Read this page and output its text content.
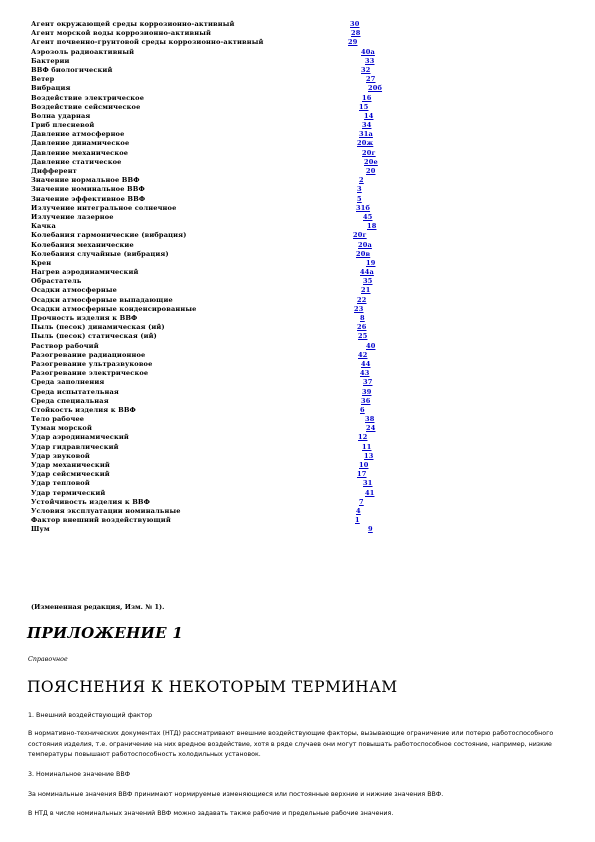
Агент окружающей среды коррозионно-активный	30
Агент морской воды коррозионно-активный	28
Агент почвенно-грунтовой среды коррозионно-активный	29
Аэрозоль радиоактивный	40а
Бактерии	33
ВВФ биологический	32
Ветер	27
Вибрация	20б
Воздействие электрическое	16
Воздействие сейсмическое	15
Волна ударная	14
Гриб плесневой	34
Давление атмосферное	31а
Давление динамическое	20ж
Давление механическое	20г
Давление статическое	20е
Дифферент	20
Значение нормальное ВВФ	2
Значение номинальное ВВФ	3
Значение эффективное ВВФ	5
Излучение интегральное солнечное	31б
Излучение лазерное	45
Качка	18
Колебания гармонические (вибрация)	20г
Колебания механические	20а
Колебания случайные (вибрация)	20в
Крен	19
Нагрев аэродинамический	44а
Обрастатель	35
Осадки атмосферные	21
Осадки атмосферные выпадающие	22
Осадки атмосферные конденсированные	23
Прочность изделия к ВВФ	8
Пыль (песок) динамическая (ий)	26
Пыль (песок) статическая (ий)	25
Раствор рабочий	40
Разогревание радиационное	42
Разогревание ультразвуковое	44
Разогревание электрическое	43
Среда заполнения	37
Среда испытательная	39
Среда специальная	36
Стойкость изделия к ВВФ	6
Тело рабочее	38
Туман морской	24
Удар аэродинамический	12
Удар гидравлический	11
Удар звуковой	13
Удар механический	10
Удар сейсмический	17
Удар тепловой	31
Удар термический	41
Устойчивость изделия к ВВФ	7
Условия эксплуатации номинальные	4
Фактор внешний воздействующий	1
Шум	9
(Измененная редакция, Изм. № 1).
ПРИЛОЖЕНИЕ 1
Справочное
ПОЯСНЕНИЯ К НЕКОТОРЫМ ТЕРМИНАМ
1. Внешний воздействующий фактор
В нормативно-технических документах (НТД) рассматривают внешние воздействующие факторы, вызывающие ограничение или потерю работоспособного состояния изделия, т.е. ограничение на них вредное воздействие, хотя в ряде случаев они могут повышать работоспособное состояние, например, низкие температуры повышают работоспособность холодильных установок.
3. Номинальное значение ВВФ
За номинальные значения ВВФ принимают нормируемые изменяющиеся или постоянные верхние и нижние значения ВВФ.
В НТД в числе номинальных значений ВВФ можно задавать также рабочие и предельные рабочие значения.
